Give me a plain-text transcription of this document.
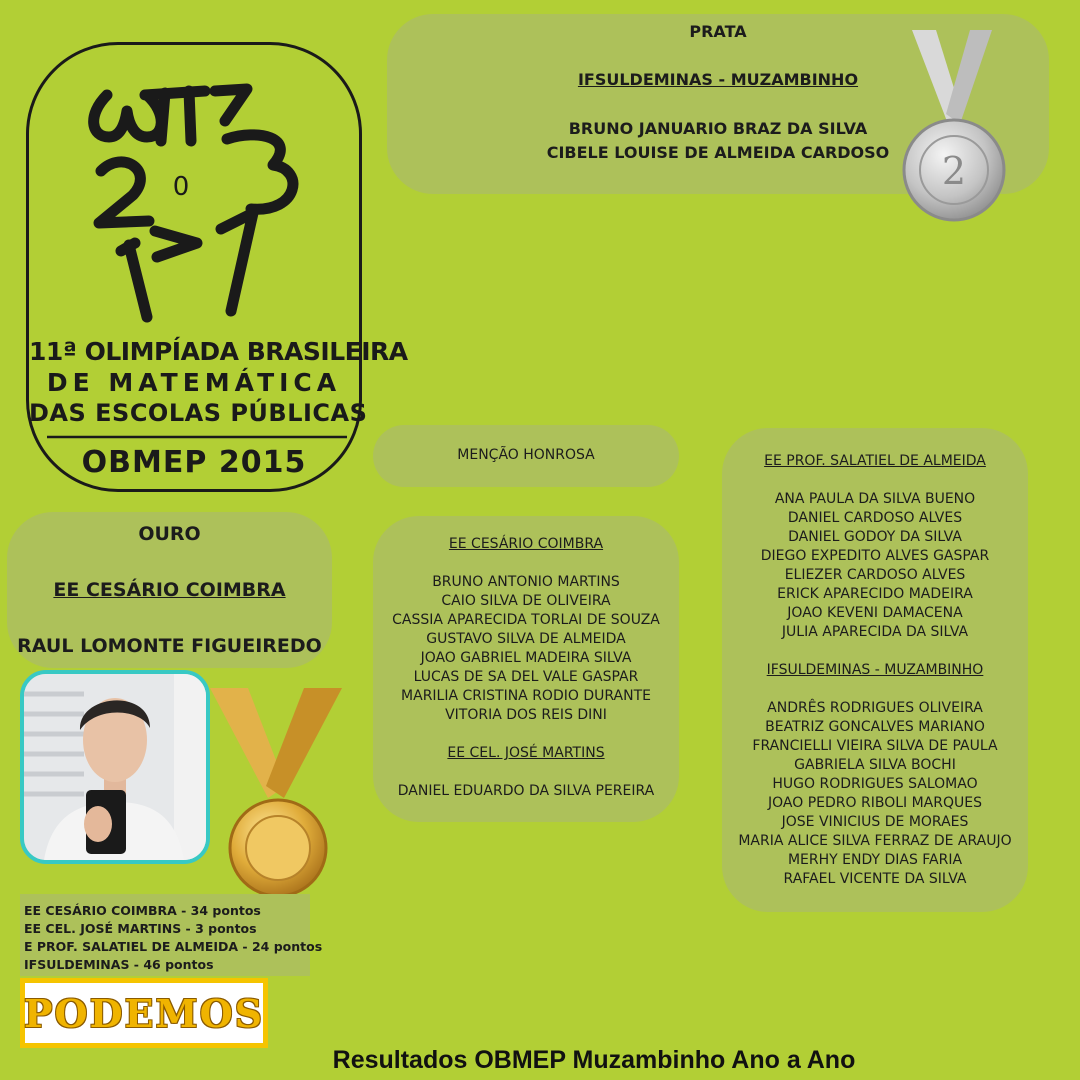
0
11ª OLIMPÍADA BRASILEIRA
DE MATEMÁTICA
DAS ESCOLAS PÚBLICAS
OBMEP 2015
PRATA
IFSULDEMINAS - MUZAMBINHO
BRUNO JANUARIO BRAZ DA SILVA
CIBELE LOUISE DE ALMEIDA CARDOSO	2
OURO
EE CESÁRIO COIMBRA
RAUL LOMONTE FIGUEIREDO
MENÇÃO HONROSA
EE CESÁRIO COIMBRA
BRUNO ANTONIO MARTINS
CAIO SILVA DE OLIVEIRA
CASSIA APARECIDA TORLAI DE SOUZA
GUSTAVO SILVA DE ALMEIDA
JOAO GABRIEL MADEIRA SILVA
LUCAS DE SA DEL VALE GASPAR
MARILIA CRISTINA RODIO DURANTE
VITORIA DOS REIS DINI
EE CEL. JOSÉ MARTINS
DANIEL EDUARDO DA SILVA PEREIRA
EE PROF. SALATIEL DE ALMEIDA
ANA PAULA DA SILVA BUENO
DANIEL CARDOSO ALVES
DANIEL GODOY DA SILVA
DIEGO EXPEDITO ALVES GASPAR
ELIEZER CARDOSO ALVES
ERICK APARECIDO MADEIRA
JOAO KEVENI DAMACENA
JULIA APARECIDA DA SILVA
IFSULDEMINAS - MUZAMBINHO
ANDRÊS RODRIGUES OLIVEIRA
BEATRIZ GONCALVES MARIANO
FRANCIELLI VIEIRA SILVA DE PAULA
GABRIELA SILVA BOCHI
HUGO RODRIGUES SALOMAO
JOAO PEDRO RIBOLI MARQUES
JOSE VINICIUS DE MORAES
MARIA ALICE SILVA FERRAZ DE ARAUJO
MERHY ENDY DIAS FARIA
RAFAEL VICENTE DA SILVA
EE CESÁRIO COIMBRA - 34 pontos
EE CEL. JOSÉ MARTINS - 3 pontos
E PROF. SALATIEL DE ALMEIDA - 24 pontos
IFSULDEMINAS - 46 pontos
PODEMOS
Resultados OBMEP Muzambinho Ano a Ano
